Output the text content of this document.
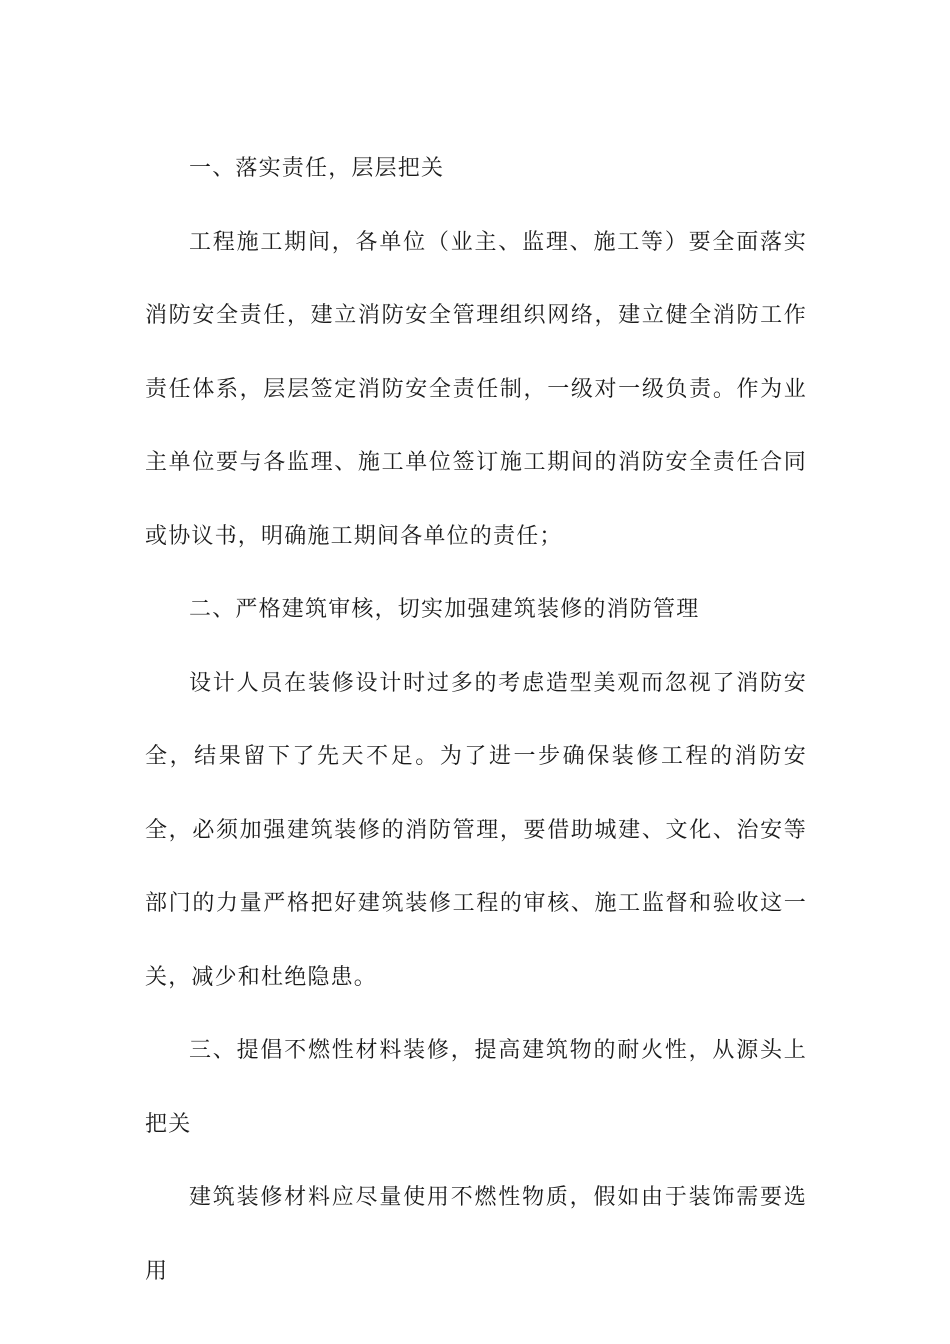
一、落实责任，层层把关

工程施工期间，各单位（业主、监理、施工等）要全面落实消防安全责任，建立消防安全管理组织网络，建立健全消防工作责任体系，层层签定消防安全责任制，一级对一级负责。作为业主单位要与各监理、施工单位签订施工期间的消防安全责任合同或协议书，明确施工期间各单位的责任；

二、严格建筑审核，切实加强建筑装修的消防管理

设计人员在装修设计时过多的考虑造型美观而忽视了消防安全，结果留下了先天不足。为了进一步确保装修工程的消防安全，必须加强建筑装修的消防管理，要借助城建、文化、治安等部门的力量严格把好建筑装修工程的审核、施工监督和验收这一关，减少和杜绝隐患。

三、提倡不燃性材料装修，提高建筑物的耐火性，从源头上把关

建筑装修材料应尽量使用不燃性物质，假如由于装饰需要选用
